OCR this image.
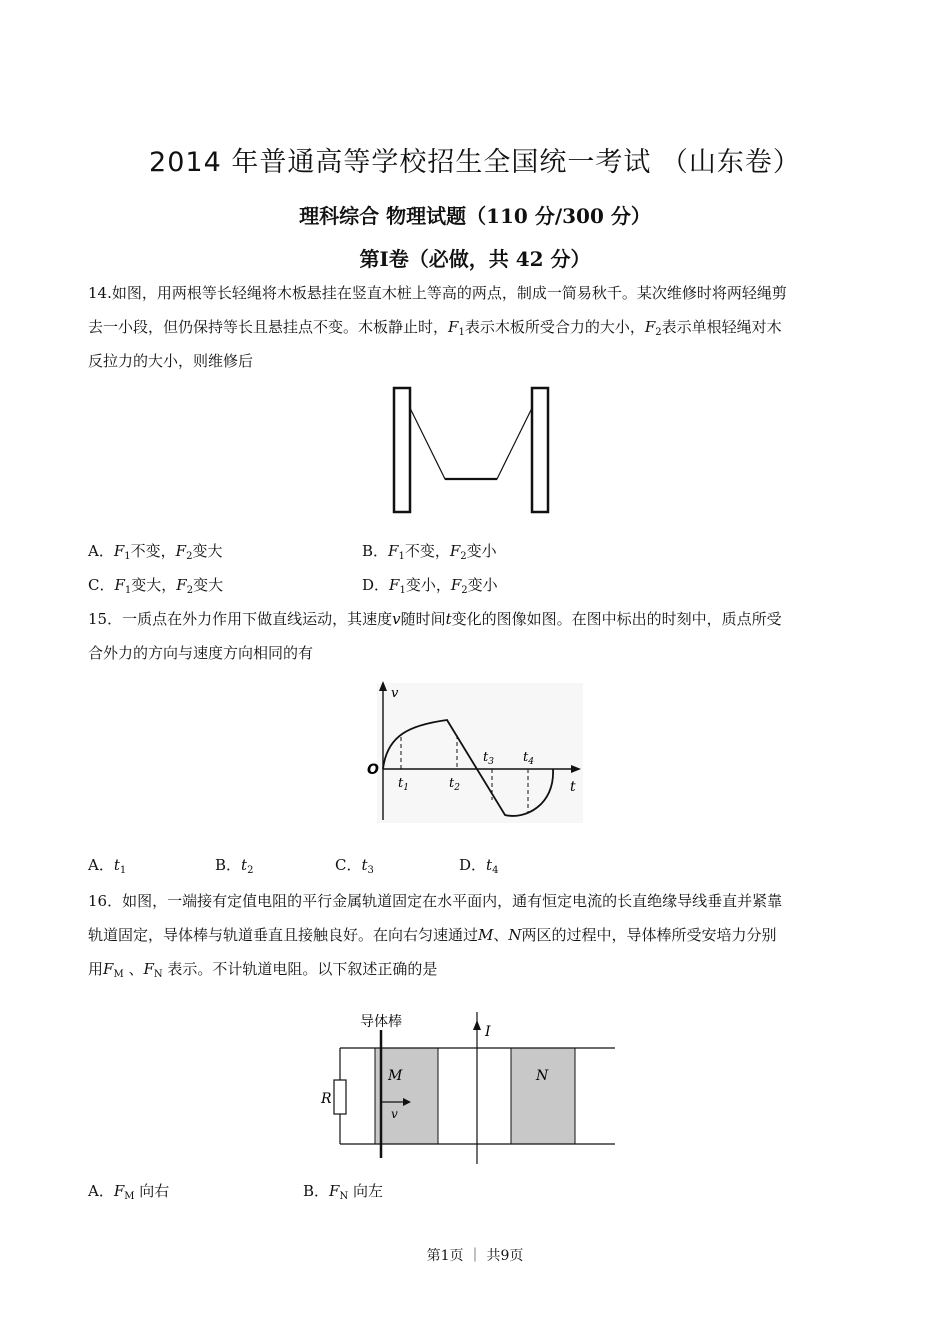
2014 年普通高等学校招生全国统一考试 （山东卷）
理科综合 物理试题（110 分/300 分）
第I卷（必做，共 42 分）
14.如图，用两根等长轻绳将木板悬挂在竖直木桩上等高的两点，制成一简易秋千。某次维修时将两轻绳剪
去一小段，但仍保持等长且悬挂点不变。木板静止时，$F_1$表示木板所受合力的大小，$F_2$表示单根轻绳对木
反拉力的大小，则维修后
A．$F_1$不变，$F_2$变大	B．$F_1$不变，$F_2$变小
C．$F_1$变大，$F_2$变大	D．$F_1$变小，$F_2$变小
15．一质点在外力作用下做直线运动，其速度v随时间t变化的图像如图。在图中标出的时刻中，质点所受
合外力的方向与速度方向相同的有
v
t
O
$t_1$	$t_2$
$t_3$ $t_4$
A．$t_1$	B．$t_2$	C．$t_3$	D．$t_4$
16．如图，一端接有定值电阻的平行金属轨道固定在水平面内，通有恒定电流的长直绝缘导线垂直并紧靠
轨道固定，导体棒与轨道垂直且接触良好。在向右匀速通过M、N两区的过程中，导体棒所受安培力分别
用$F_M$ 、$F_N$ 表示。不计轨道电阻。以下叙述正确的是
R
导体棒
v
M	N
I
A．$F_M$ 向右	B．$F_N$ 向左
第1页 ｜ 共9页
